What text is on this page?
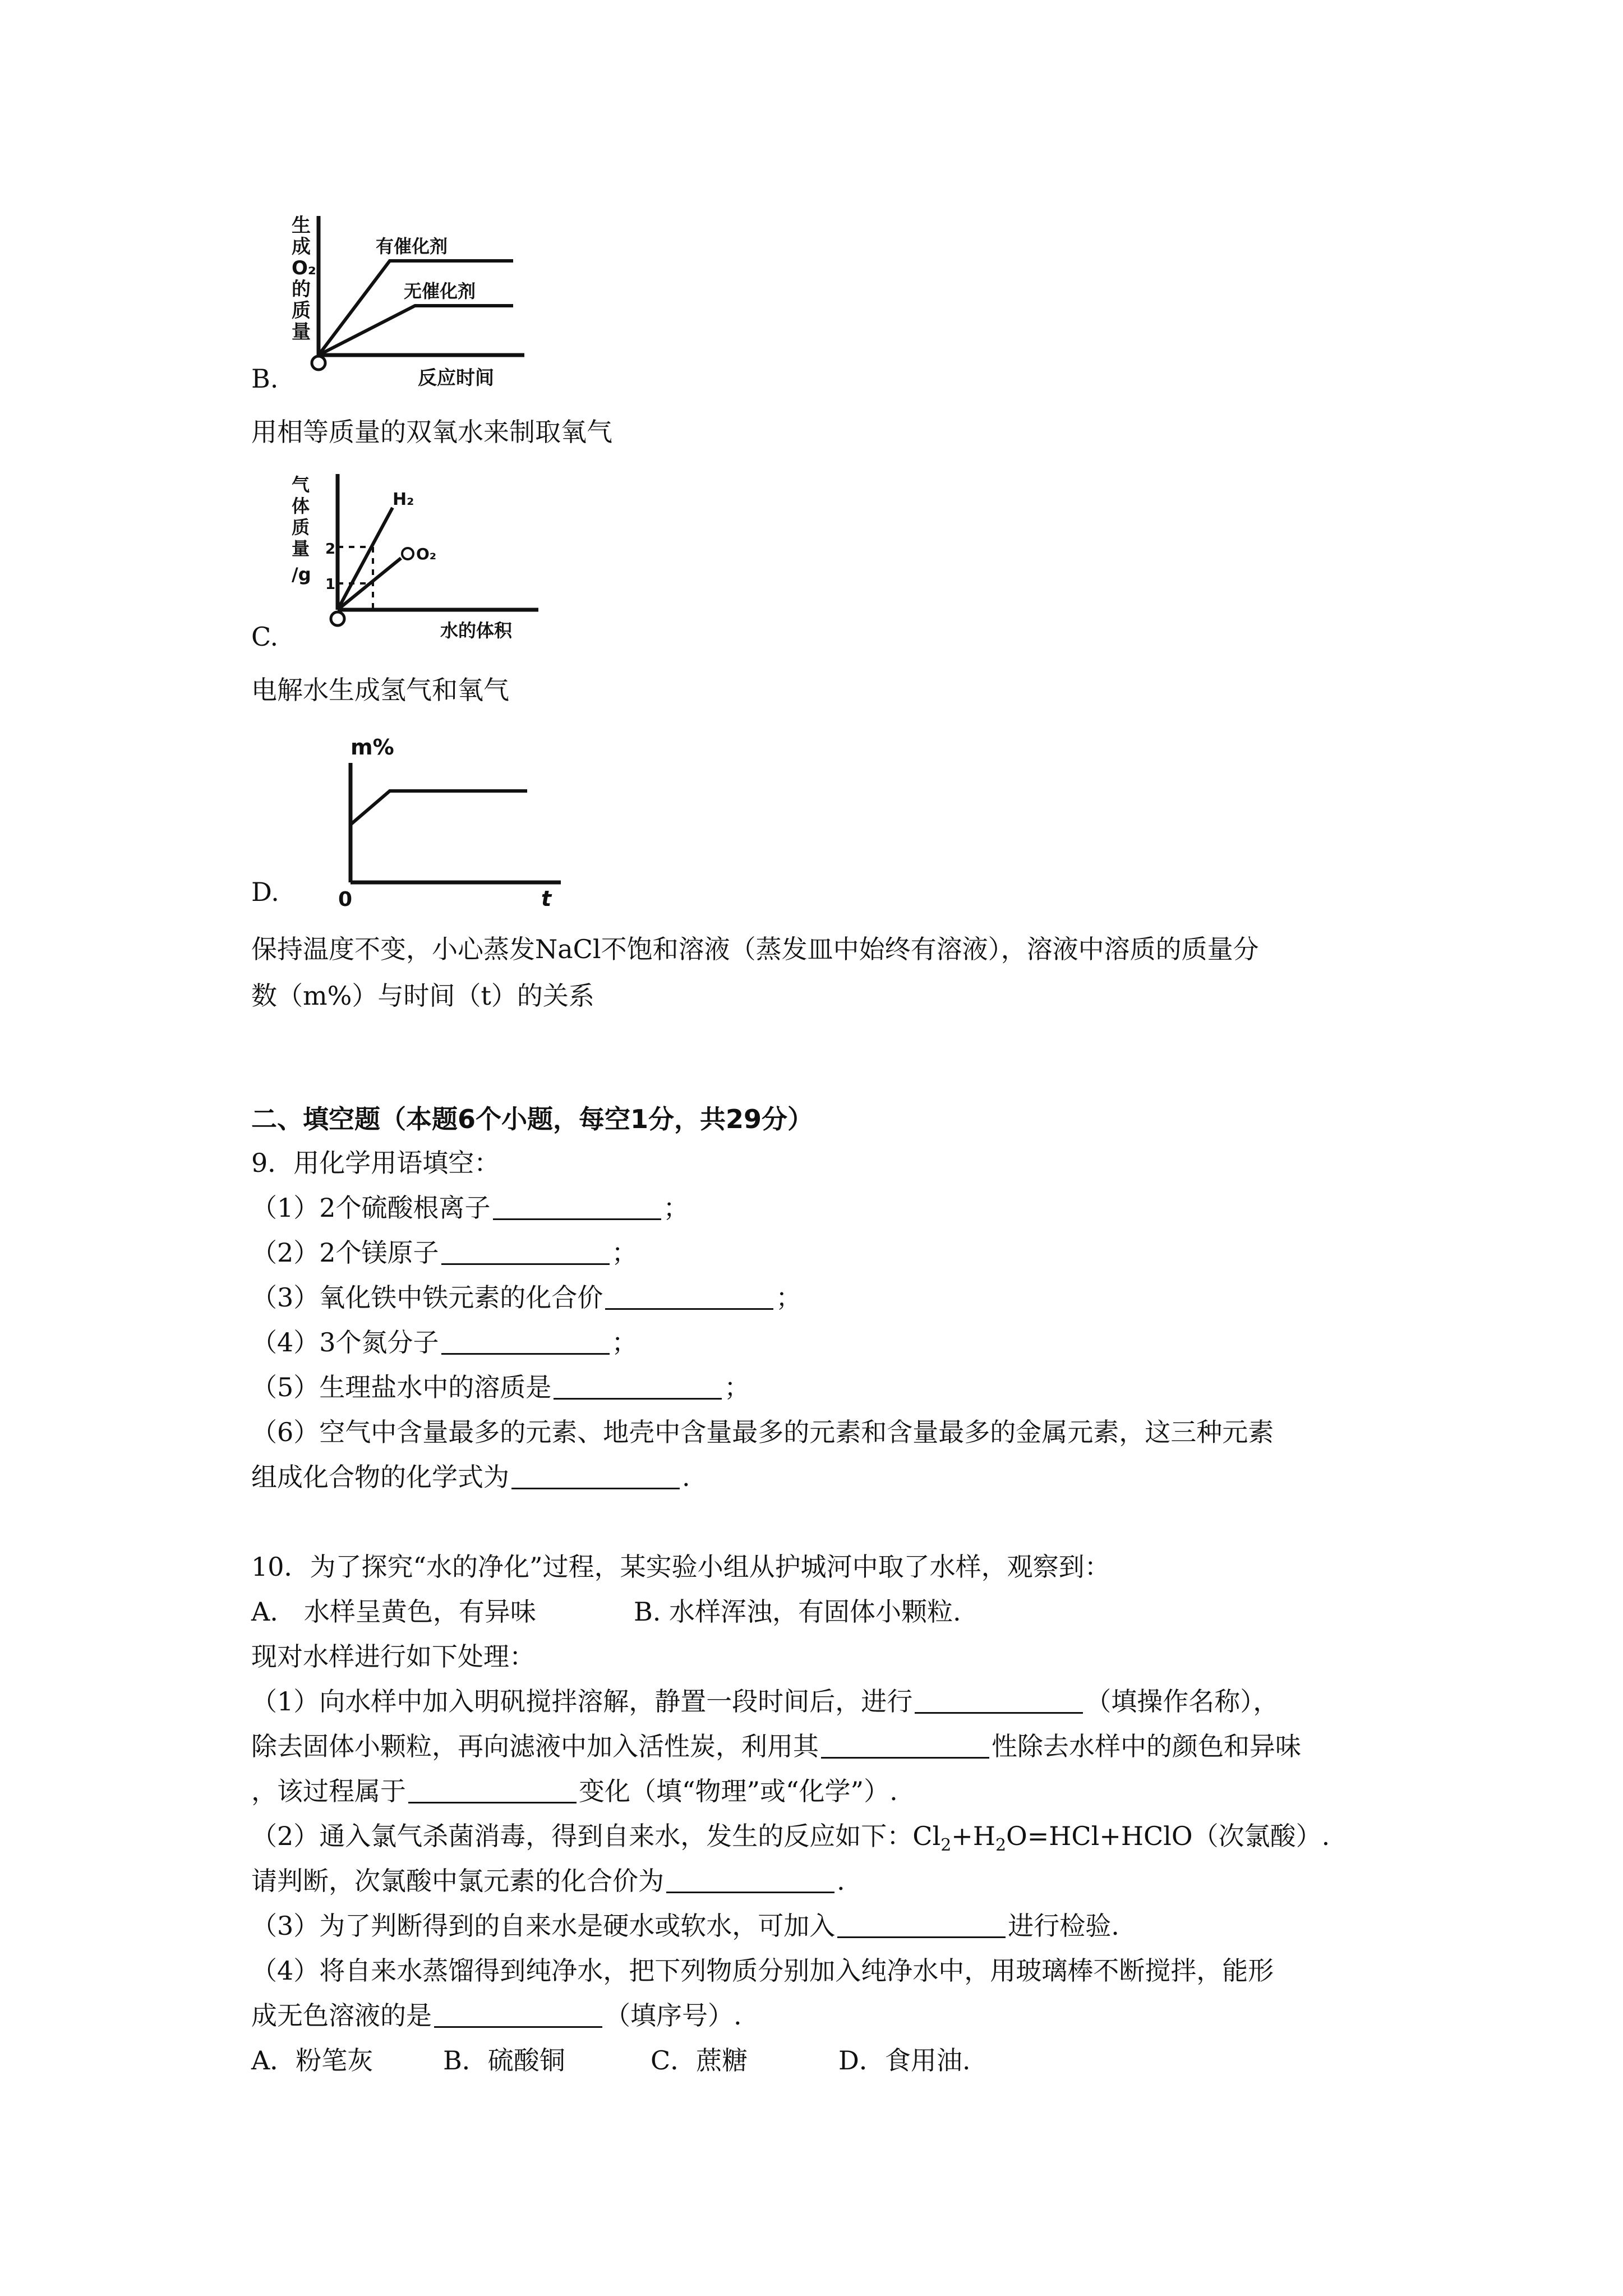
生
成
O₂
的
质
量
有催化剂
无催化剂
反应时间
B.
用相等质量的双氧水来制取氧气
气
体
质
量
/g
2
1
H₂
O₂
水的体积
C.
电解水生成氢气和氧气
m%
0	t
D.
保持温度不变，小心蒸发NaCl不饱和溶液（蒸发皿中始终有溶液），溶液中溶质的质量分
数（m%）与时间（t）的关系
二、填空题（本题6个小题，每空1分，共29分）
9．用化学用语填空：
（1）2个硫酸根离子	；
（2）2个镁原子	；
（3）氧化铁中铁元素的化合价	；
（4）3个氮分子	；
（5）生理盐水中的溶质是	；
（6）空气中含量最多的元素、地壳中含量最多的元素和含量最多的金属元素，这三种元素
组成化合物的化学式为	.
10．为了探究“水的净化”过程，某实验小组从护城河中取了水样，观察到：
A.　水样呈黄色，有异味	B. 水样浑浊，有固体小颗粒.
现对水样进行如下处理：
（1）向水样中加入明矾搅拌溶解，静置一段时间后，进行	（填操作名称），
除去固体小颗粒，再向滤液中加入活性炭，利用其	性除去水样中的颜色和异味
，该过程属于	变化（填“物理”或“化学”）.
（2）通入氯气杀菌消毒，得到自来水，发生的反应如下：$Cl_2+H_2O=HCl+HClO$（次氯酸）.
请判断，次氯酸中氯元素的化合价为	.
（3）为了判断得到的自来水是硬水或软水，可加入	进行检验.
（4）将自来水蒸馏得到纯净水，把下列物质分别加入纯净水中，用玻璃棒不断搅拌，能形
成无色溶液的是	（填序号）.
A．粉笔灰	B．硫酸铜	C．蔗糖	D．食用油.
